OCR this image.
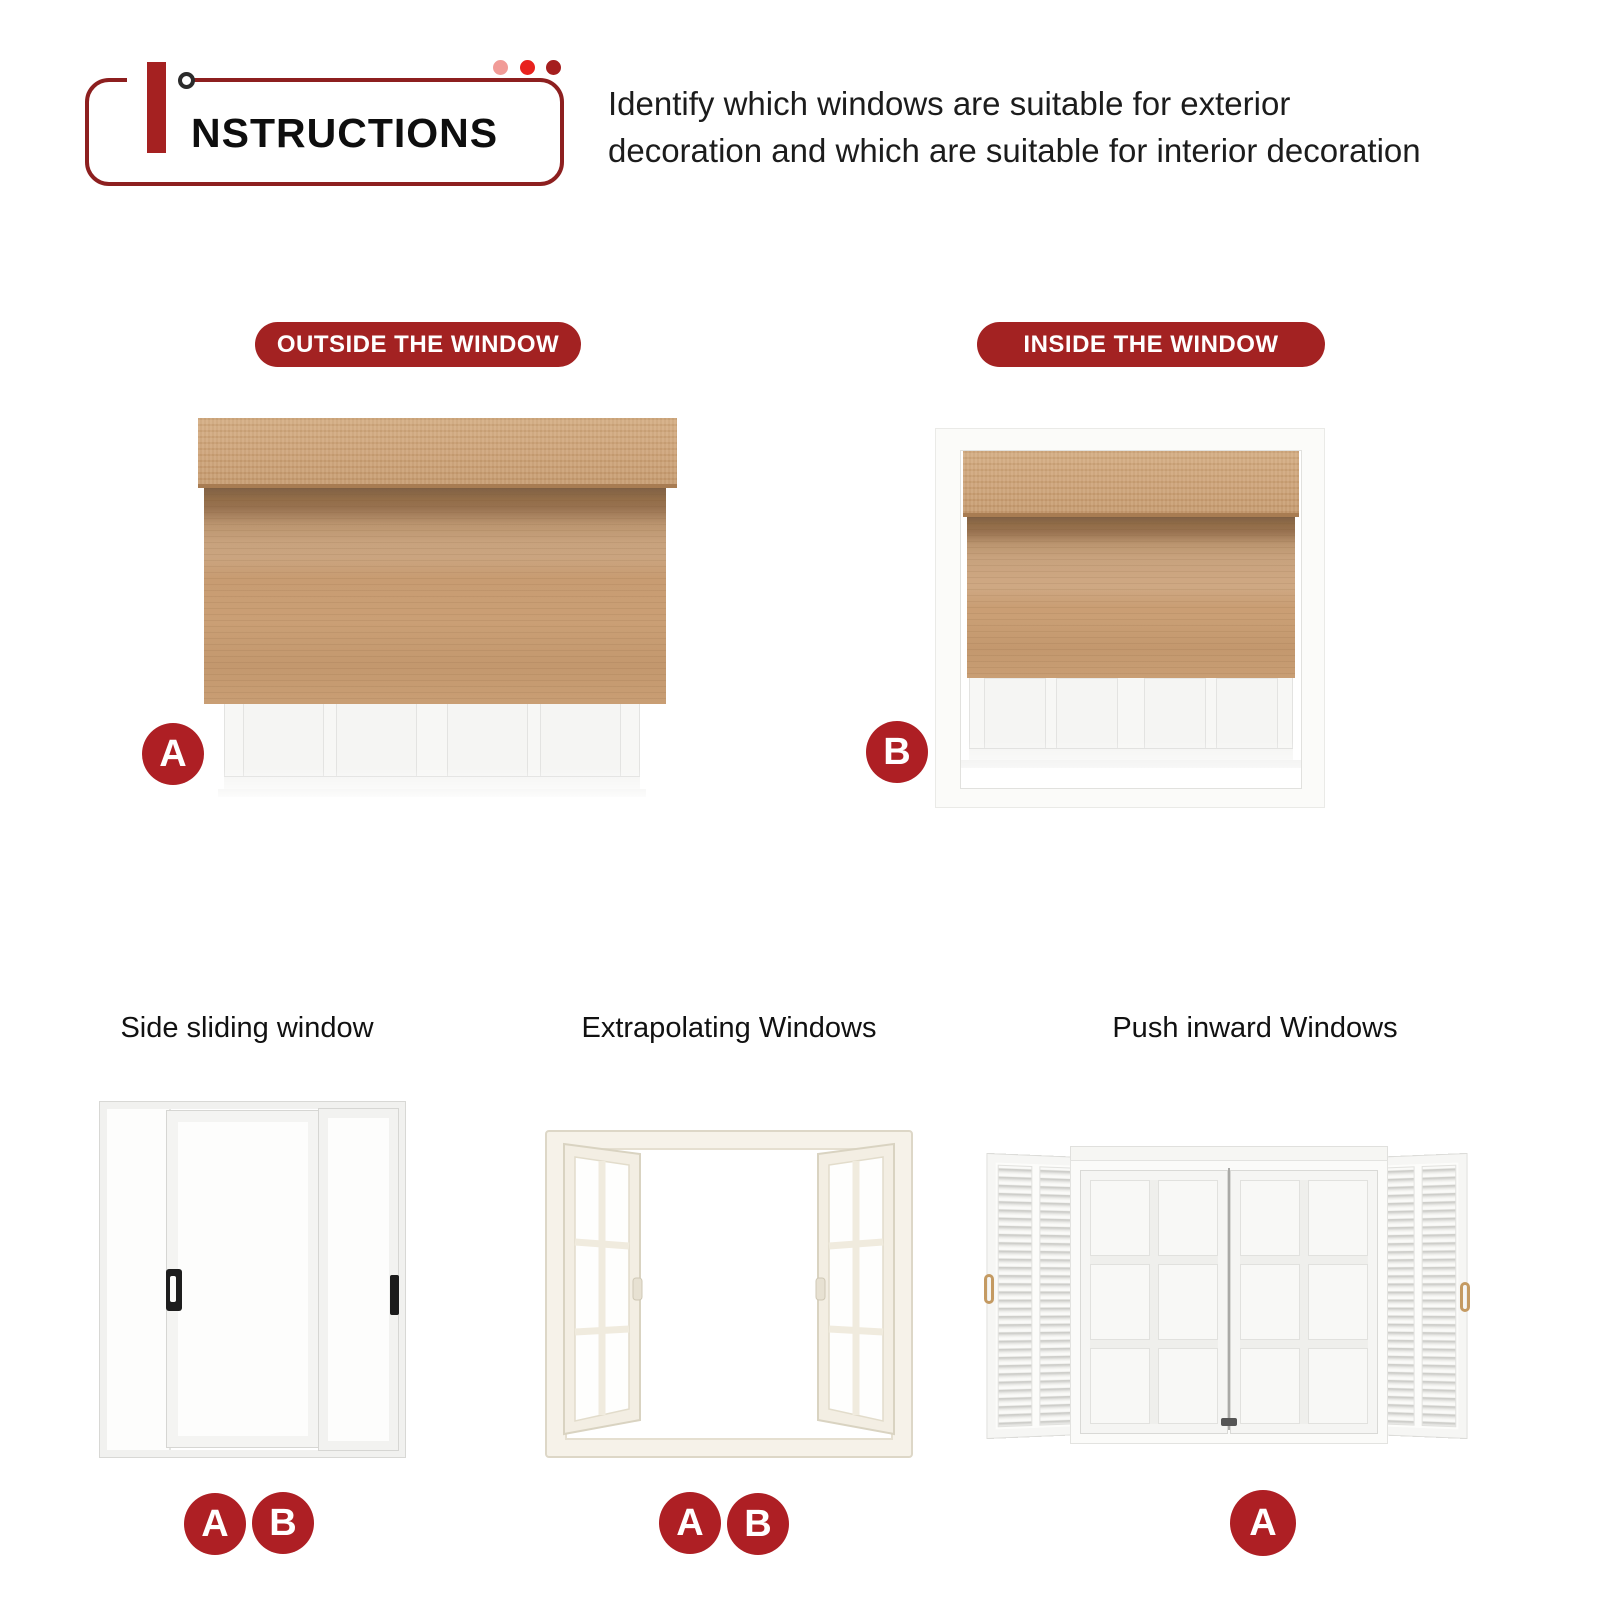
NSTRUCTIONS
Identify which windows are suitable for exterior
decoration and which are suitable for interior decoration
OUTSIDE THE WINDOW	INSIDE THE WINDOW
A	B
Side sliding window	Extrapolating Windows	Push inward Windows
A	B	A	B	A
